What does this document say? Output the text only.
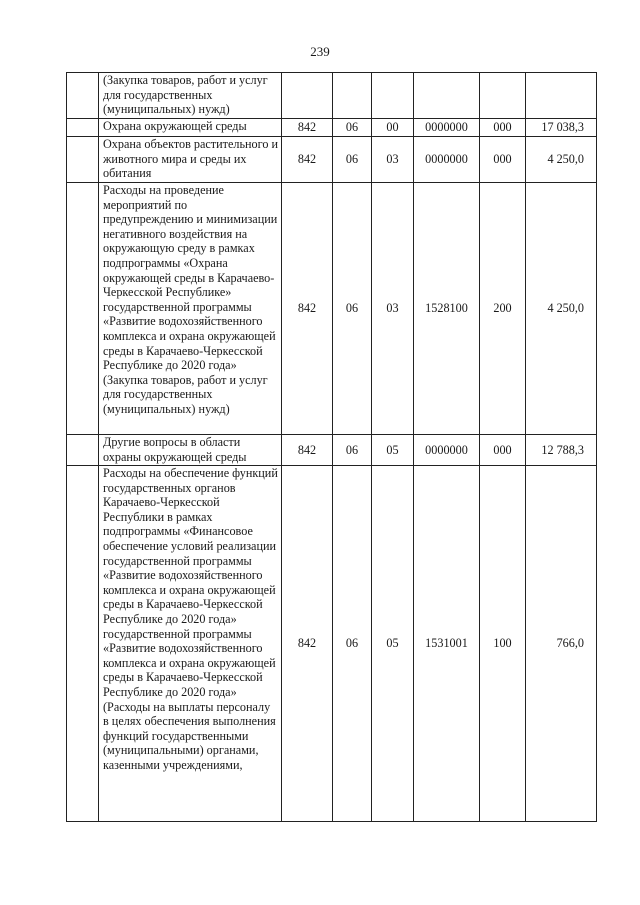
239
	(Закупка товаров, работ и услуг для государственных (муниципальных) нужд)						
	Охрана окружающей среды	842	06	00	0000000	000	17 038,3
	Охрана объектов растительного и животного мира и среды их обитания	842	06	03	0000000	000	4 250,0
	Расходы на проведение мероприятий по предупреждению и минимизации негативного воздействия на окружающую среду в рамках подпрограммы «Охрана окружающей среды в Карачаево-Черкесской Республике» государственной программы «Развитие водохозяйственного комплекса и охрана окружающей среды в Карачаево-Черкесской Республике до 2020 года» (Закупка товаров, работ и услуг для государственных (муниципальных) нужд)	842	06	03	1528100	200	4 250,0
	Другие вопросы в области охраны окружающей среды	842	06	05	0000000	000	12 788,3
	Расходы на обеспечение функций государственных органов Карачаево-Черкесской Республики в рамках подпрограммы «Финансовое обеспечение условий реализации государственной программы «Развитие водохозяйственного комплекса и охрана окружающей среды в Карачаево-Черкесской Республике до 2020 года» государственной программы «Развитие водохозяйственного комплекса и охрана окружающей среды в Карачаево-Черкесской Республике до 2020 года» (Расходы на выплаты персоналу в целях обеспечения выполнения функций государственными (муниципальными) органами, казенными учреждениями,	842	06	05	1531001	100	766,0
